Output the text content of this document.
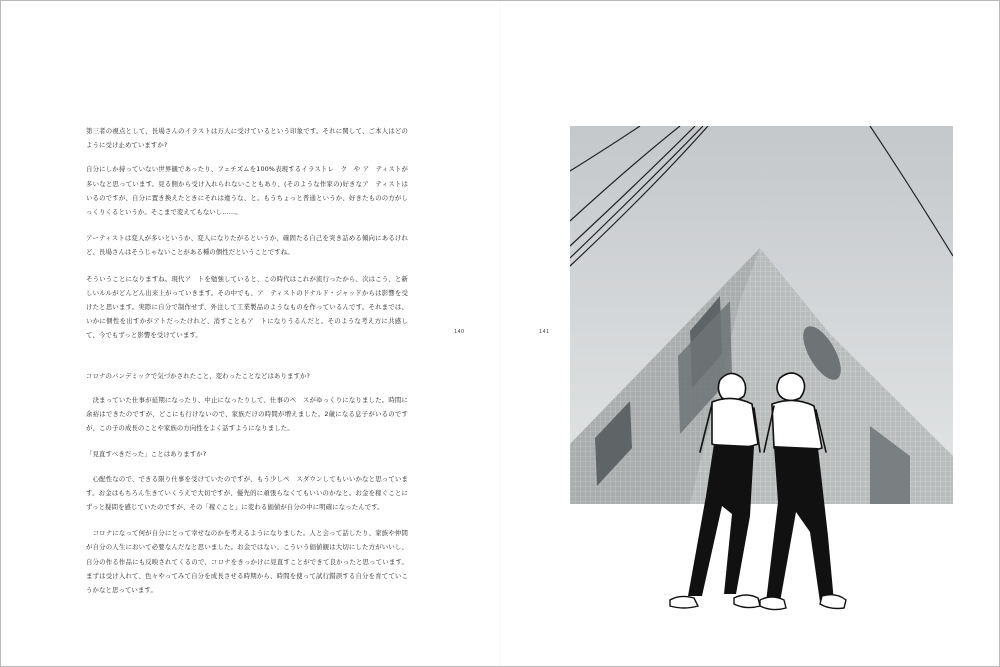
第三者の視点として、長場さんのイラストは万人に受けているという印象です。それに関して、ご本人はどのように受け止めていますか?

自分にしか持っていない世界観であったり、フェチズムを100%表現するイラストレ　ク　や ア　ティストが多いなと思っています。見る側から受け入れられないこともあり、(そのような作家の)好きなア　ティストはいるのですが、自分に置き換えたときにそれは違うな、と。もうちょっと普通というか、好きたものの方がしっくりくるというか。そこまで変えてもないし……。

アーティストは変人が多いというか、変人になりたがるというか、確固たる自己を突き詰める傾向にあるけれど、長場さんはそうじゃないことがある種の個性だということですね。

そういうことになりますね。現代ア　トを勉強していると、この時代はこれが流行ったから、次はこう、と新しいルルがどんどん出来上がっていきます。その中でも、ア　ティストのドナルド・ジャッドからは影響を受けたと思います。実際に自分で制作せず、外注して工業製品のようなものを作っているんです。それまでは、いかに個性を出すかがアトだったけれど、消すこともア　トになりうるんだと。そのような考え方に共感して、今でもずっと影響を受けています。

コロナのパンデミックで気づかされたこと、変わったことなどはありますか?

　決まっていた仕事が延期になったり、中止になったりして、仕事のペ　スがゆっくりになりました。時間に余裕はできたのですが、どこにも行けないので、家族だけの時間が増えました。2歳になる息子がいるのですが、この子の成長のことや家族の方向性をよく話すようになりました。

「見直すべきだった」ことはありますか?

　心配性なので、できる限り仕事を受けていたのですが、もう少しペ　スダウンしてもいいかなと思っています。お金はもちろん生きていくうえで大切ですが、優先的に頑張らなくてもいいのかなと。お金を稼ぐことにずっと疑問を感じていたのですが、その「稼ぐこと」に変わる価値が自分の中に明確になったんです。

　コロナになって何が自分にとって幸せなのかを考えるようになりました。人と会って話したり、家族や仲間が自分の人生において必要なんだなと思いました。お金ではない、こういう価値観は大切にした方がいいし、自分の作る作品にも反映されてくるので、コロナをきっかけに見直すことができて良かったと思っています。まずは受け入れて、色々やってみて自分を成長させる時期から、時間を使って試行錯誤する自分を育てていこうかなと思っています。

140	141
